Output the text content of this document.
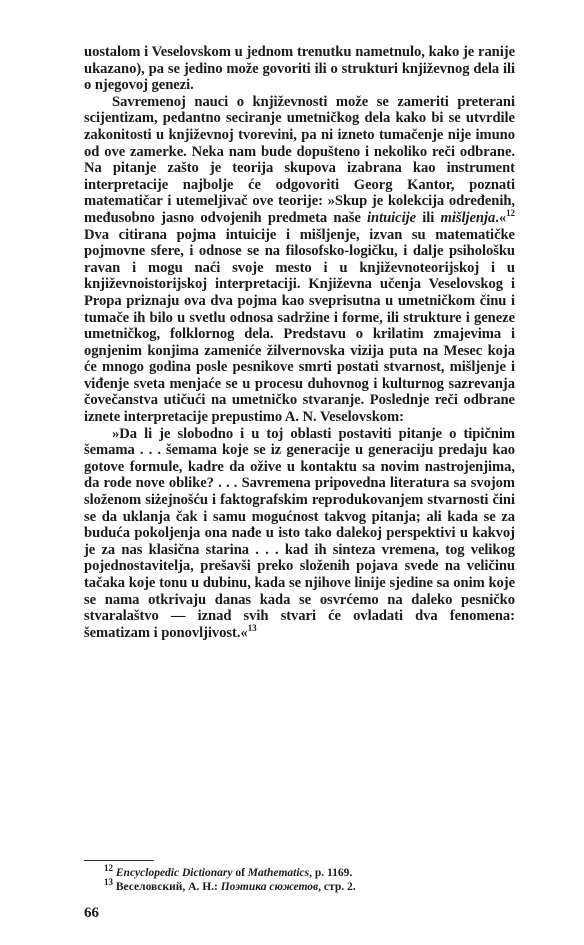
uostalom i Veselovskom u jednom trenutku nametnulo, kako je ranije ukazano), pa se jedino može govoriti ili o strukturi književnog dela ili o njegovoj genezi.

Savremenoj nauci o književnosti može se zameriti preterani scijentizam, pedantno seciranje umetničkog dela kako bi se utvrdile zakonitosti u književnoj tvorevini, pa ni izneto tumačenje nije imuno od ove zamerke. Neka nam bude dopušteno i nekoliko reči odbrane. Na pitanje zašto je teorija skupova izabrana kao instrument interpretacije najbolje će odgovoriti Georg Kantor, poznati matematičar i utemeljivač ove teorije: »Skup je kolekcija određenih, međusobno jasno odvojenih predmeta naše intuicije ili mišljenja.«$^{12}$ Dva citirana pojma intuicije i mišljenje, izvan su matematičke pojmovne sfere, i odnose se na filosofsko-logičku, i dalje psihološku ravan i mogu naći svoje mesto i u književnoteorijskoj i u književnoistorijskoj interpretaciji. Književna učenja Veselovskog i Propa priznaju ova dva pojma kao sveprisutna u umetničkom činu i tumače ih bilo u svetlu odnosa sadržine i forme, ili strukture i geneze umetničkog, folklornog dela. Predstavu o krilatim zmajevima i ognjenim konjima zameniće žilvernovska vizija puta na Mesec koja će mnogo godina posle pesnikove smrti postati stvarnost, mišljenje i viđenje sveta menjaće se u procesu duhovnog i kulturnog sazrevanja čovečanstva utičući na umetničko stvaranje. Poslednje reči odbrane iznete interpretacije prepustimo A. N. Veselovskom:

»Da li je slobodno i u toj oblasti postaviti pitanje o tipičnim šemama . . . šemama koje se iz generacije u generaciju predaju kao gotove formule, kadre da ožive u kontaktu sa novim nastrojenjima, da rode nove oblike? . . . Savremena pripovedna literatura sa svojom složenom siżejnošću i faktografskim reprodukovanjem stvarnosti čini se da uklanja čak i samu mogućnost takvog pitanja; ali kada se za buduća pokoljenja ona nađe u isto tako dalekoj perspektivi u kakvoj je za nas klasična starina . . . kad ih sinteza vremena, tog velikog pojednostavitelja, prešavši preko složenih pojava svede na veličinu tačaka koje tonu u dubinu, kada se njihove linije sjedine sa onim koje se nama otkrivaju danas kada se osvrćemo na daleko pesničko stvaralaštvo — iznad svih stvari će ovladati dva fenomena: šematizam i ponovljivost.«$^{13}$

$^{12}$ Encyclopedic Dictionary of Mathematics, p. 1169.

$^{13}$ Веселовский, А. Н.: Поэтика сюжетов, стр. 2.

66
